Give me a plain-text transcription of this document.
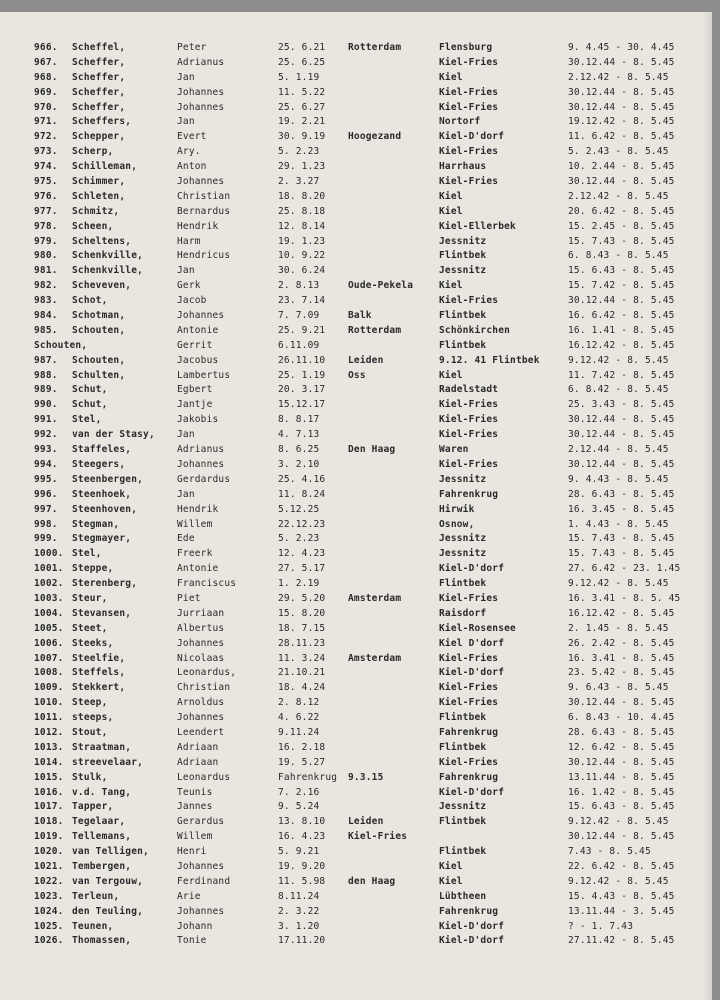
966. Scheffel,	Peter	25. 6.21 Rotterdam	Flensburg	9. 4.45 - 30. 4.45
967. Scheffer,	Adrianus	25. 6.25	Kiel-Fries	30.12.44 - 8. 5.45
968. Scheffer,	Jan	5. 1.19	Kiel	2.12.42 - 8. 5.45
969. Scheffer,	Johannes	11. 5.22	Kiel-Fries	30.12.44 - 8. 5.45
970. Scheffer,	Johannes	25. 6.27	Kiel-Fries	30.12.44 - 8. 5.45
971. Scheffers,	Jan	19. 2.21	Nortorf	19.12.42 - 8. 5.45
972. Schepper,	Evert	30. 9.19 Hoogezand	Kiel-D'dorf	11. 6.42 - 8. 5.45
973. Scherp,	Ary.	5. 2.23	Kiel-Fries	5. 2.43 - 8. 5.45
974. Schilleman,	Anton	29. 1.23	Harrhaus	10. 2.44 - 8. 5.45
975. Schimmer,	Johannes	2. 3.27	Kiel-Fries	30.12.44 - 8. 5.45
976. Schleten,	Christian	18. 8.20	Kiel	2.12.42 - 8. 5.45
977. Schmitz,	Bernardus	25. 8.18	Kiel	20. 6.42 - 8. 5.45
978. Scheen,	Hendrik	12. 8.14	Kiel-Ellerbek	15. 2.45 - 8. 5.45
979. Scheltens,	Harm	19. 1.23	Jessnitz	15. 7.43 - 8. 5.45
980. Schenkville,	Hendricus	10. 9.22	Flintbek	6. 8.43 - 8. 5.45
981. Schenkville,	Jan	30. 6.24	Jessnitz	15. 6.43 - 8. 5.45
982. Scheveven,	Gerk	2. 8.13	Oude-Pekela	Kiel	15. 7.42 - 8. 5.45
983. Schot,	Jacob	23. 7.14	Kiel-Fries	30.12.44 - 8. 5.45
984. Schotman,	Johannes	7. 7.09	Balk	Flintbek	16. 6.42 - 8. 5.45
985. Schouten,	Antonie	25. 9.21 Rotterdam	Schönkirchen	16. 1.41 - 8. 5.45
Schouten,	Gerrit	6.11.09	Flintbek	16.12.42 - 8. 5.45
987. Schouten,	Jacobus	26.11.10 Leiden	9.12. 41 Flintbek	9.12.42 - 8. 5.45
988. Schulten,	Lambertus	25. 1.19 Oss	Kiel	11. 7.42 - 8. 5.45
989. Schut,	Egbert	20. 3.17	Radelstadt	6. 8.42 - 8. 5.45
990. Schut,	Jantje	15.12.17	Kiel-Fries	25. 3.43 - 8. 5.45
991. Stel,	Jakobis	8. 8.17	Kiel-Fries	30.12.44 - 8. 5.45
992. van der Stasy, Jan	4. 7.13	Kiel-Fries	30.12.44 - 8. 5.45
993. Staffeles,	Adrianus	8. 6.25	Den Haag	Waren	2.12.44 - 8. 5.45
994. Steegers,	Johannes	3. 2.10	Kiel-Fries	30.12.44 - 8. 5.45
995. Steenbergen,	Gerdardus	25. 4.16	Jessnitz	9. 4.43 - 8. 5.45
996. Steenhoek,	Jan	11. 8.24	Fahrenkrug	28. 6.43 - 8. 5.45
997. Steenhoven,	Hendrik	5.12.25	Hirwik	16. 3.45 - 8. 5.45
998. Stegman,	Willem	22.12.23	Osnow,	1. 4.43 - 8. 5.45
999. Stegmayer,	Ede	5. 2.23	Jessnitz	15. 7.43 - 8. 5.45
1000. Stel,	Freerk	12. 4.23	Jessnitz	15. 7.43 - 8. 5.45
1001. Steppe,	Antonie	27. 5.17	Kiel-D'dorf	27. 6.42 - 23. 1.45
1002. Sterenberg,	Franciscus	1. 2.19	Flintbek	9.12.42 - 8. 5.45
1003. Steur,	Piet	29. 5.20 Amsterdam	Kiel-Fries	16. 3.41 - 8. 5. 45
1004. Stevansen,	Jurriaan	15. 8.20	Raisdorf	16.12.42 - 8. 5.45
1005. Steet,	Albertus	18. 7.15	Kiel-Rosensee	2. 1.45 - 8. 5.45
1006. Steeks,	Johannes	28.11.23	Kiel D'dorf	26. 2.42 - 8. 5.45
1007. Steelfie,	Nicolaas	11. 3.24 Amsterdam	Kiel-Fries	16. 3.41 - 8. 5.45
1008. Steffels,	Leonardus,	21.10.21	Kiel-D'dorf	23. 5.42 - 8. 5.45
1009. Stekkert,	Christian	18. 4.24	Kiel-Fries	9. 6.43 - 8. 5.45
1010. Steep,	Arnoldus	2. 8.12	Kiel-Fries	30.12.44 - 8. 5.45
1011. steeps,	Johannes	4. 6.22	Flintbek	6. 8.43 - 10. 4.45
1012. Stout,	Leendert	9.11.24	Fahrenkrug	28. 6.43 - 8. 5.45
1013. Straatman,	Adriaan	16. 2.18	Flintbek	12. 6.42 - 8. 5.45
1014. streevelaar,	Adriaan	19. 5.27	Kiel-Fries	30.12.44 - 8. 5.45
1015. Stulk,	Leonardus	Fahrenkrug 9.3.15	Fahrenkrug	13.11.44 - 8. 5.45
1016. v.d. Tang,	Teunis	7. 2.16	Kiel-D'dorf	16. 1.42 - 8. 5.45
1017. Tapper,	Jannes	9. 5.24	Jessnitz	15. 6.43 - 8. 5.45
1018. Tegelaar,	Gerardus	13. 8.10 Leiden	Flintbek	9.12.42 - 8. 5.45
1019. Tellemans,	Willem	16. 4.23 Kiel-Fries	30.12.44 - 8. 5.45
1020. van Telligen,	Henri	5. 9.21	Flintbek	7.43 - 8. 5.45
1021. Tembergen,	Johannes	19. 9.20	Kiel	22. 6.42 - 8. 5.45
1022. van Tergouw,	Ferdinand	11. 5.98 den Haag	Kiel	9.12.42 - 8. 5.45
1023. Terleun,	Arie	8.11.24	Lübtheen	15. 4.43 - 8. 5.45
1024. den Teuling,	Johannes	2. 3.22	Fahrenkrug	13.11.44 - 3. 5.45
1025. Teunen,	Johann	3. 1.20	Kiel-D'dorf	? - 1. 7.43
1026. Thomassen,	Tonie	17.11.20	Kiel-D'dorf	27.11.42 - 8. 5.45
